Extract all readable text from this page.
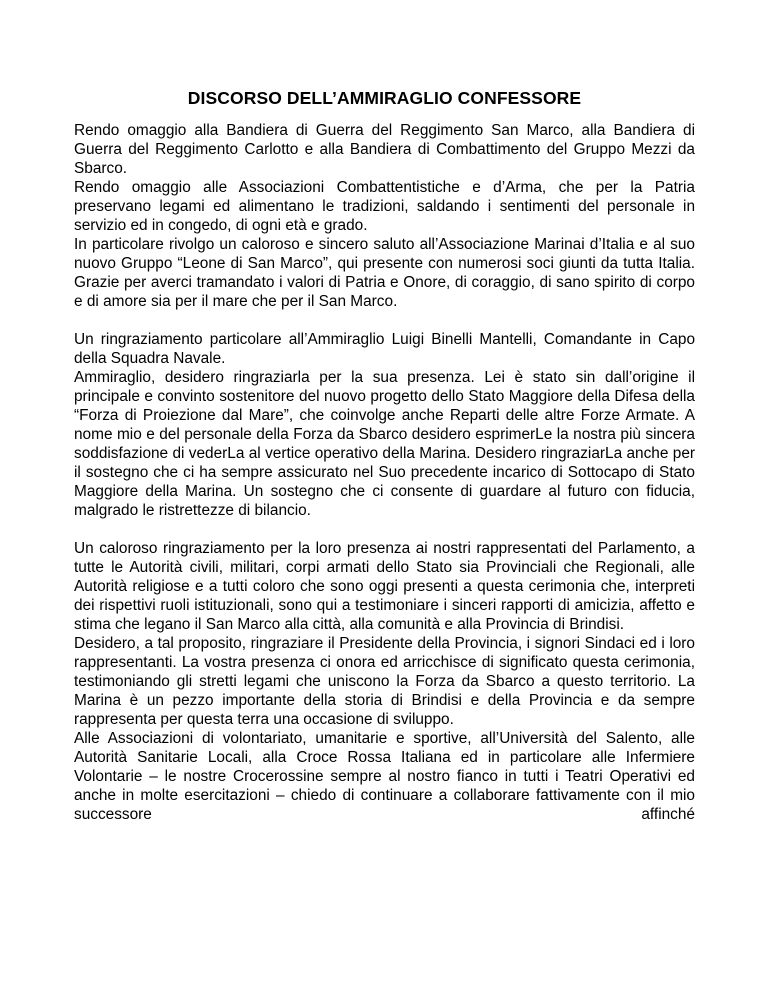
DISCORSO DELL’AMMIRAGLIO CONFESSORE

Rendo omaggio alla Bandiera di Guerra del Reggimento San Marco, alla Bandiera di Guerra del Reggimento Carlotto e alla Bandiera di Combattimento del Gruppo Mezzi da Sbarco.

Rendo omaggio alle Associazioni Combattentistiche e d’Arma, che per la Patria preservano legami ed alimentano le tradizioni, saldando i sentimenti del personale in servizio ed in congedo, di ogni età e grado.

In particolare rivolgo un caloroso e sincero saluto all’Associazione Marinai d’Italia e al suo nuovo Gruppo “Leone di San Marco”, qui presente con numerosi soci giunti da tutta Italia. Grazie per averci tramandato i valori di Patria e Onore, di coraggio, di sano spirito di corpo e di amore sia per il mare che per il San Marco.

Un ringraziamento particolare all’Ammiraglio Luigi Binelli Mantelli, Comandante in Capo della Squadra Navale.

Ammiraglio, desidero ringraziarla per la sua presenza. Lei è stato sin dall’origine il principale e convinto sostenitore del nuovo progetto dello Stato Maggiore della Difesa della “Forza di Proiezione dal Mare”, che coinvolge anche Reparti delle altre Forze Armate. A nome mio e del personale della Forza da Sbarco desidero esprimerLe la nostra più sincera soddisfazione di vederLa al vertice operativo della Marina. Desidero ringraziarLa anche per il sostegno che ci ha sempre assicurato nel Suo precedente incarico di Sottocapo di Stato Maggiore della Marina. Un sostegno che ci consente di guardare al futuro con fiducia, malgrado le ristrettezze di bilancio.

Un caloroso ringraziamento per la loro presenza ai nostri rappresentati del Parlamento, a tutte le Autorità civili, militari, corpi armati dello Stato sia Provinciali che Regionali, alle Autorità religiose e a tutti coloro che sono oggi presenti a questa cerimonia che, interpreti dei rispettivi ruoli istituzionali, sono qui a testimoniare i sinceri rapporti di amicizia, affetto e stima che legano il San Marco alla città, alla comunità e alla Provincia di Brindisi.

Desidero, a tal proposito, ringraziare il Presidente della Provincia, i signori Sindaci ed i loro rappresentanti. La vostra presenza ci onora ed arricchisce di significato questa cerimonia, testimoniando gli stretti legami che uniscono la Forza da Sbarco a questo territorio. La Marina è un pezzo importante della storia di Brindisi e della Provincia e da sempre rappresenta per questa terra una occasione di sviluppo.

Alle Associazioni di volontariato, umanitarie e sportive, all’Università del Salento, alle Autorità Sanitarie Locali, alla Croce Rossa Italiana ed in particolare alle Infermiere Volontarie – le nostre Crocerossine sempre al nostro fianco in tutti i Teatri Operativi ed anche in molte esercitazioni – chiedo di continuare a collaborare fattivamente con il mio successore affinché
